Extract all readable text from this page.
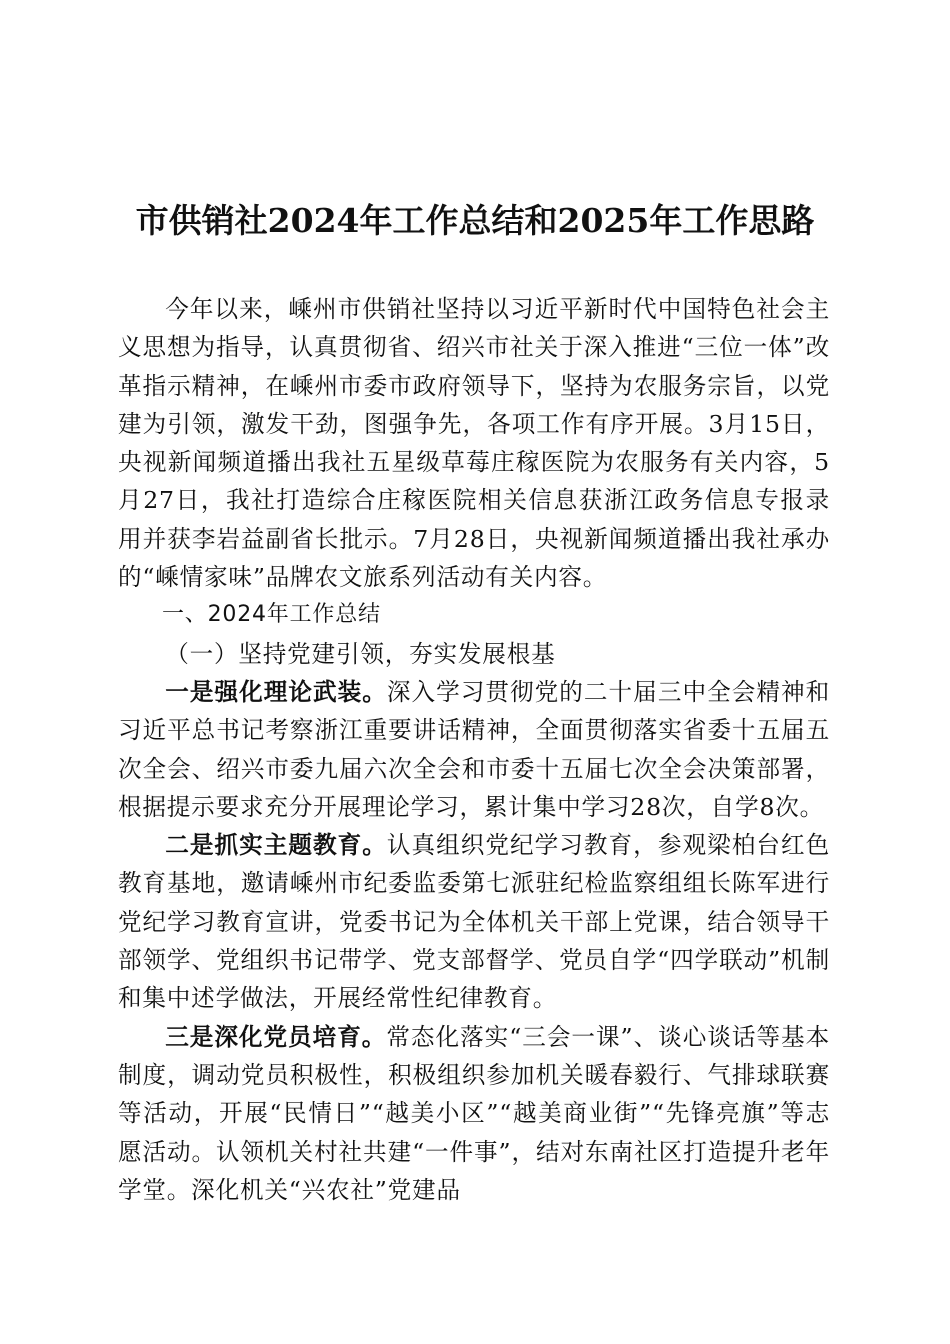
市供销社2024年工作总结和2025年工作思路

今年以来，嵊州市供销社坚持以习近平新时代中国特色社会主义思想为指导，认真贯彻省、绍兴市社关于深入推进“三位一体”改革指示精神，在嵊州市委市政府领导下，坚持为农服务宗旨，以党建为引领，激发干劲，图强争先，各项工作有序开展。3月15日，央视新闻频道播出我社五星级草莓庄稼医院为农服务有关内容，5月27日，我社打造综合庄稼医院相关信息获浙江政务信息专报录用并获李岩益副省长批示。7月28日，央视新闻频道播出我社承办的“嵊情家味”品牌农文旅系列活动有关内容。

一、2024年工作总结

（一）坚持党建引领，夯实发展根基

一是强化理论武装。深入学习贯彻党的二十届三中全会精神和习近平总书记考察浙江重要讲话精神，全面贯彻落实省委十五届五次全会、绍兴市委九届六次全会和市委十五届七次全会决策部署，根据提示要求充分开展理论学习，累计集中学习28次，自学8次。

二是抓实主题教育。认真组织党纪学习教育，参观梁柏台红色教育基地，邀请嵊州市纪委监委第七派驻纪检监察组组长陈军进行党纪学习教育宣讲，党委书记为全体机关干部上党课，结合领导干部领学、党组织书记带学、党支部督学、党员自学“四学联动”机制和集中述学做法，开展经常性纪律教育。

三是深化党员培育。常态化落实“三会一课”、谈心谈话等基本制度，调动党员积极性，积极组织参加机关暖春毅行、气排球联赛等活动，开展“民情日”“越美小区”“越美商业街”“先锋亮旗”等志愿活动。认领机关村社共建“一件事”，结对东南社区打造提升老年学堂。深化机关“兴农社”党建品
